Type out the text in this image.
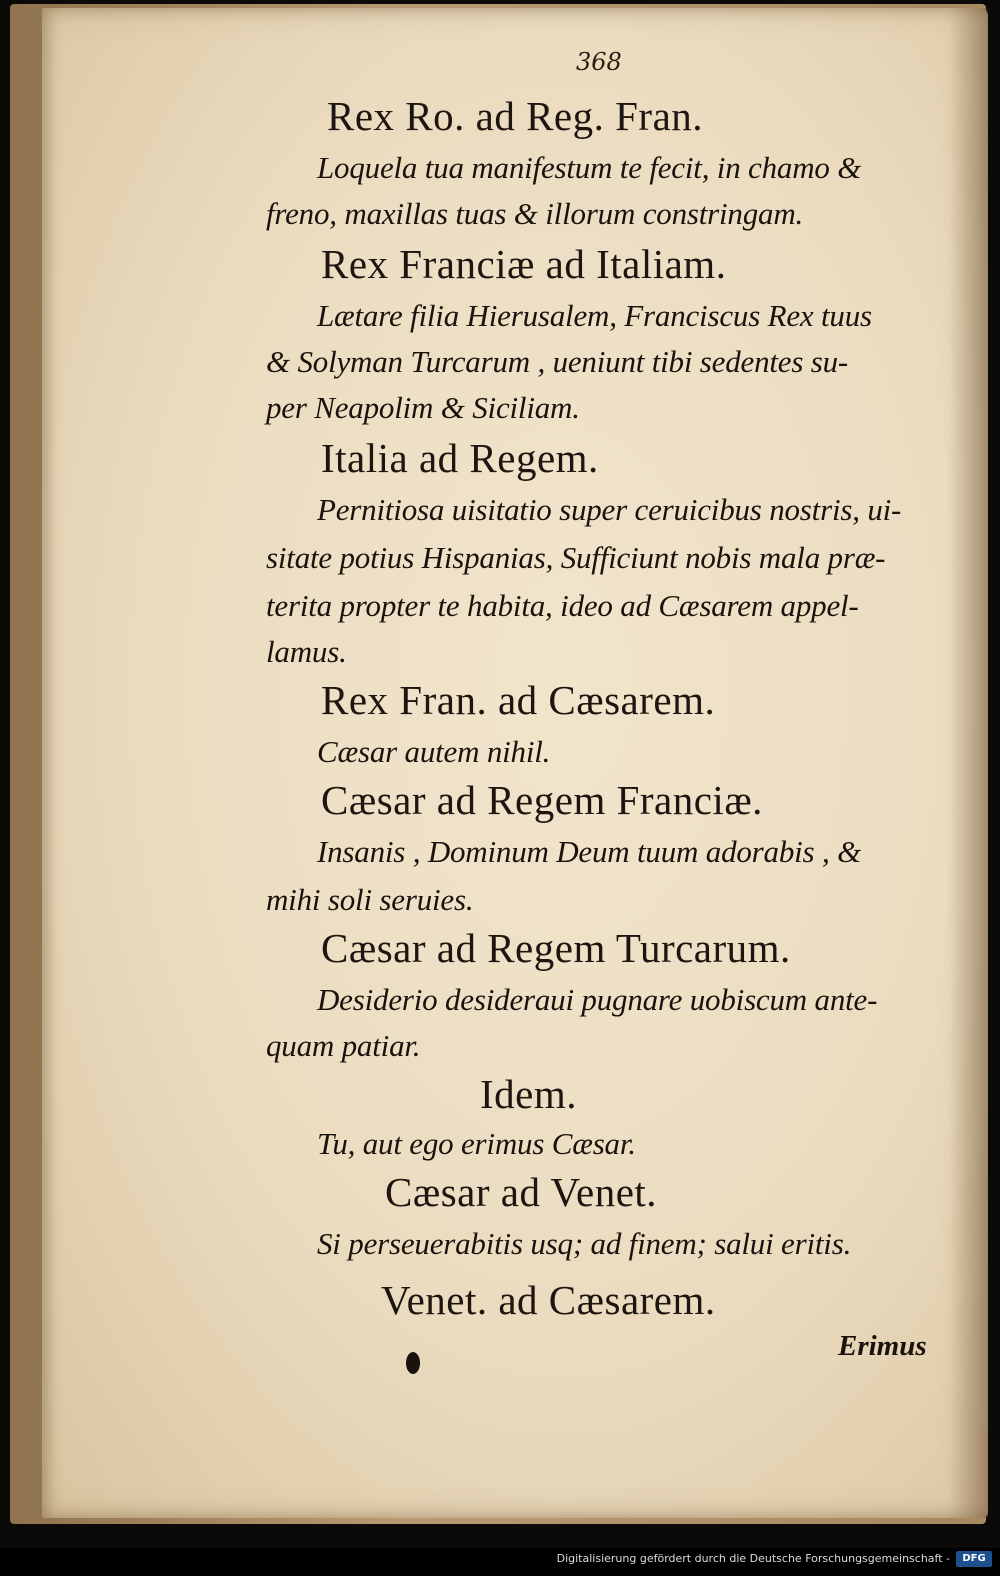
368
Rex Ro. ad Reg. Fran.
Loquela tua manifestum te fecit, in chamo &
freno, maxillas tuas & illorum constringam.
Rex Franciæ ad Italiam.
Lætare filia Hierusalem, Franciscus Rex tuus
& Solyman Turcarum , ueniunt tibi sedentes su-
per Neapolim & Siciliam.
Italia ad Regem.
Pernitiosa uisitatio super ceruicibus nostris, ui-
sitate potius Hispanias, Sufficiunt nobis mala præ-
terita propter te habita, ideo ad Cæsarem appel-
lamus.
Rex Fran. ad Cæsarem.
Cæsar autem nihil.
Cæsar ad Regem Franciæ.
Insanis , Dominum Deum tuum adorabis , &
mihi soli seruies.
Cæsar ad Regem Turcarum.
Desiderio desideraui pugnare uobiscum ante-
quam patiar.
Idem.
Tu, aut ego erimus Cæsar.
Cæsar ad Venet.
Si perseuerabitis usq; ad finem; salui eritis.
Venet. ad Cæsarem.
Erimus
Digitalisierung gefördert durch die Deutsche Forschungsgemeinschaft -	DFG
